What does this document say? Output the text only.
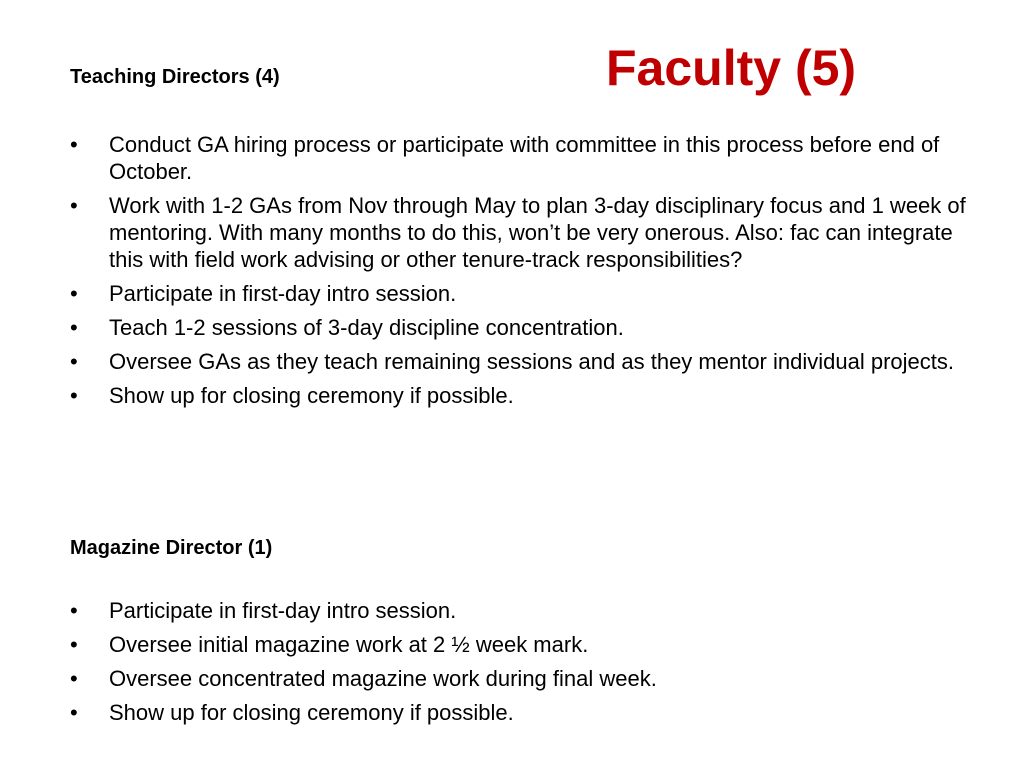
Faculty (5)
Teaching Directors (4)
•	Conduct GA hiring process or participate with committee in this process before end of October.
•	Work with 1-2 GAs from Nov through May to plan 3-day disciplinary focus and 1 week of mentoring. With many months to do this, won’t be very onerous. Also: fac can integrate this with field work advising or other tenure-track responsibilities?
•	Participate in first-day intro session.
•	Teach 1-2 sessions of 3-day discipline concentration.
•	Oversee GAs as they teach remaining sessions and as they mentor individual projects.
•	Show up for closing ceremony if possible.
Magazine Director (1)
•	Participate in first-day intro session.
•	Oversee initial magazine work at 2 ½ week mark.
•	Oversee concentrated magazine work during final week.
•	Show up for closing ceremony if possible.
